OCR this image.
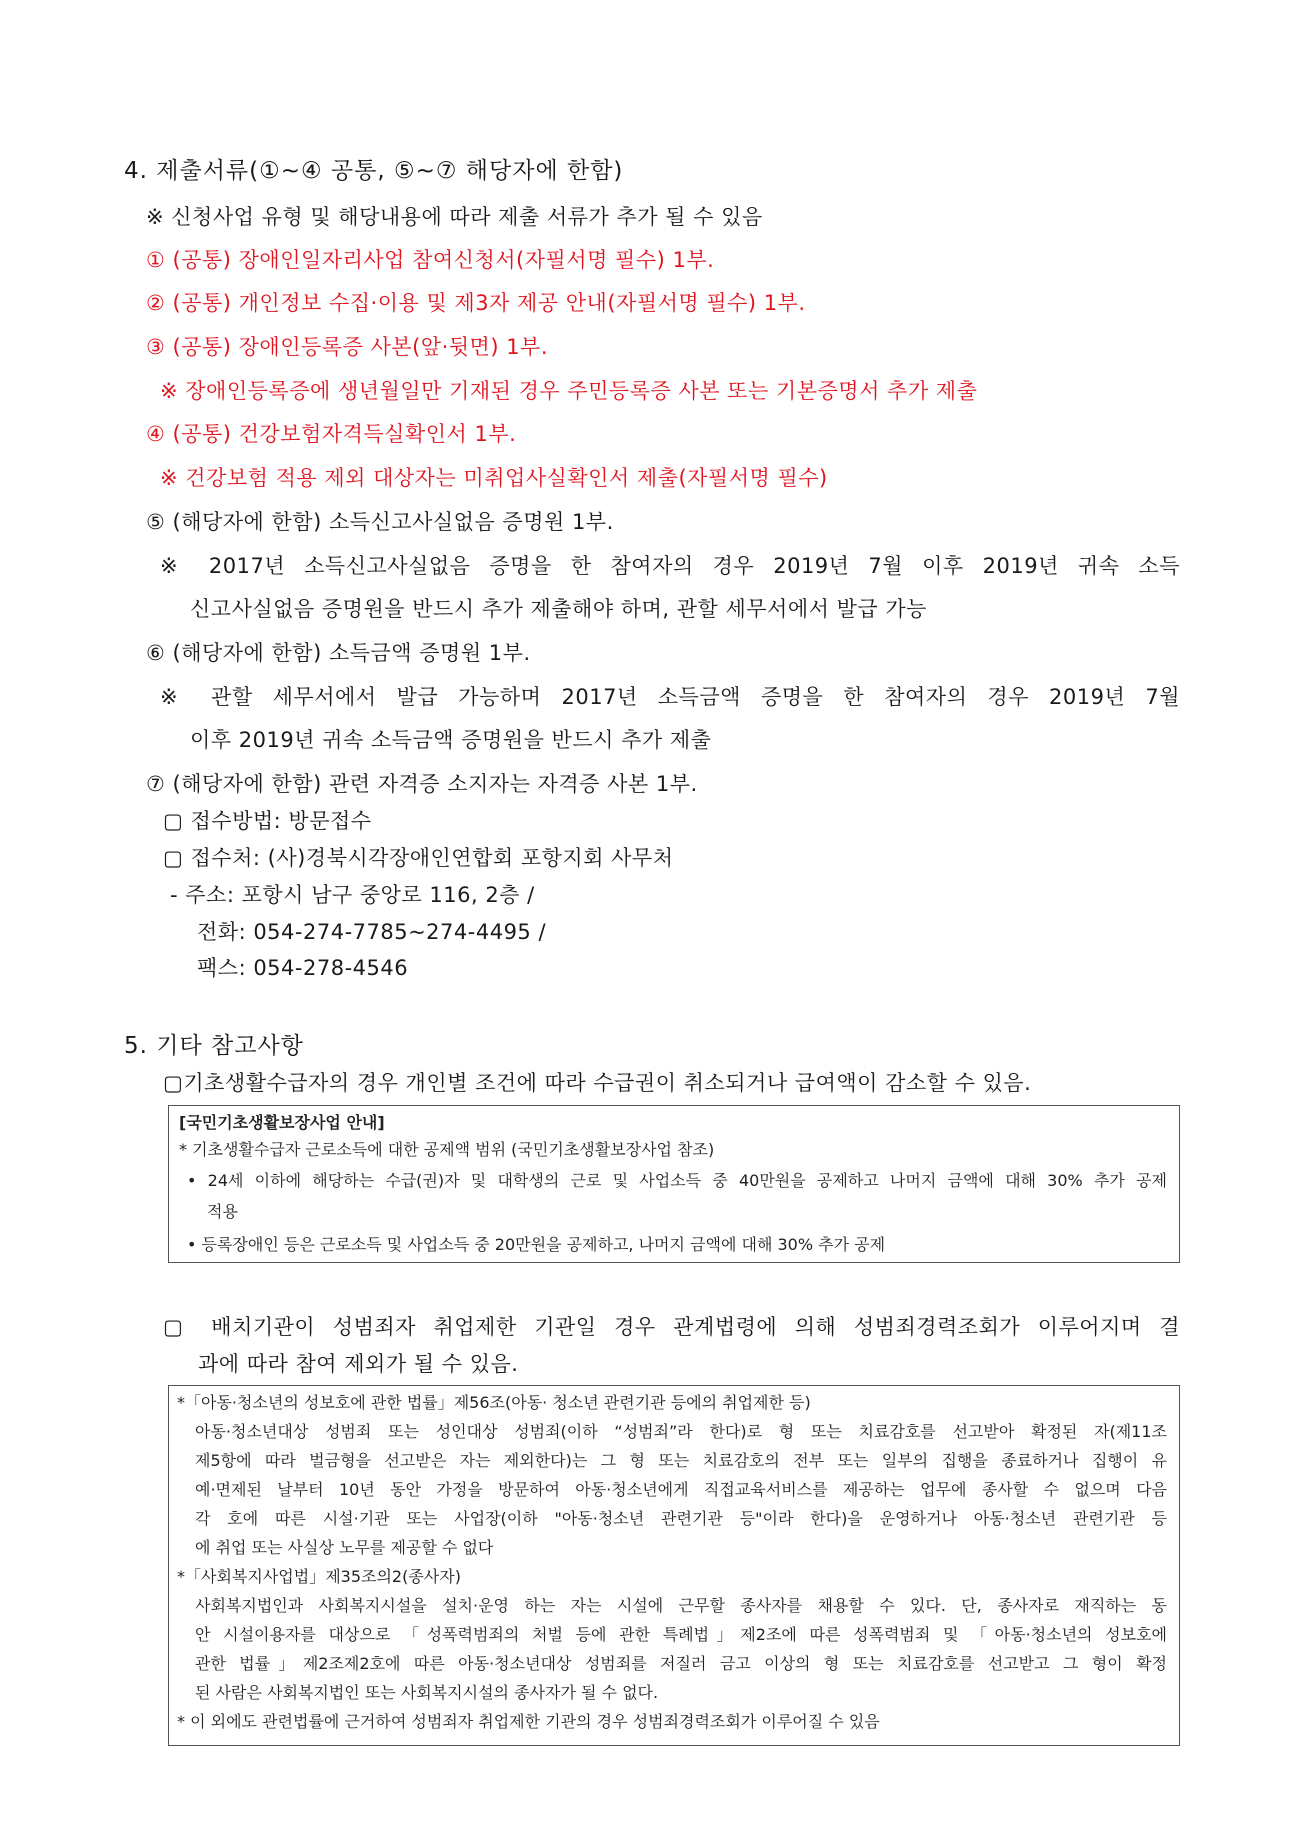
4. 제출서류(①~④ 공통, ⑤~⑦ 해당자에 한함)
※ 신청사업 유형 및 해당내용에 따라 제출 서류가 추가 될 수 있음
① (공통) 장애인일자리사업 참여신청서(자필서명 필수) 1부.
② (공통) 개인정보 수집·이용 및 제3자 제공 안내(자필서명 필수) 1부.
③ (공통) 장애인등록증 사본(앞·뒷면) 1부.
※ 장애인등록증에 생년월일만 기재된 경우 주민등록증 사본 또는 기본증명서 추가 제출
④ (공통) 건강보험자격득실확인서 1부.
※ 건강보험 적용 제외 대상자는 미취업사실확인서 제출(자필서명 필수)
⑤ (해당자에 한함) 소득신고사실없음 증명원 1부.
※ 2017년 소득신고사실없음 증명을 한 참여자의 경우 2019년 7월 이후 2019년 귀속 소득
신고사실없음 증명원을 반드시 추가 제출해야 하며, 관할 세무서에서 발급 가능
⑥ (해당자에 한함) 소득금액 증명원 1부.
※ 관할 세무서에서 발급 가능하며 2017년 소득금액 증명을 한 참여자의 경우 2019년 7월
이후 2019년 귀속 소득금액 증명원을 반드시 추가 제출
⑦ (해당자에 한함) 관련 자격증 소지자는 자격증 사본 1부.
▢ 접수방법: 방문접수
▢ 접수처: (사)경북시각장애인연합회 포항지회 사무처
- 주소: 포항시 남구 중앙로 116, 2층 /
전화: 054-274-7785~274-4495 /
팩스: 054-278-4546
5. 기타 참고사항
▢기초생활수급자의 경우 개인별 조건에 따라 수급권이 취소되거나 급여액이 감소할 수 있음.
[국민기초생활보장사업 안내]
* 기초생활수급자 근로소득에 대한 공제액 범위 (국민기초생활보장사업 참조)
• 24세 이하에 해당하는 수급(권)자 및 대학생의 근로 및 사업소득 중 40만원을 공제하고 나머지 금액에 대해 30% 추가 공제
적용
• 등록장애인 등은 근로소득 및 사업소득 중 20만원을 공제하고, 나머지 금액에 대해 30% 추가 공제
▢ 배치기관이 성범죄자 취업제한 기관일 경우 관계법령에 의해 성범죄경력조회가 이루어지며 결
과에 따라 참여 제외가 될 수 있음.
*「아동·청소년의 성보호에 관한 법률」제56조(아동· 청소년 관련기관 등에의 취업제한 등)
아동·청소년대상 성범죄 또는 성인대상 성범죄(이하 “성범죄”라 한다)로 형 또는 치료감호를 선고받아 확정된 자(제11조
제5항에 따라 벌금형을 선고받은 자는 제외한다)는 그 형 또는 치료감호의 전부 또는 일부의 집행을 종료하거나 집행이 유
예·면제된 날부터 10년 동안 가정을 방문하여 아동·청소년에게 직접교육서비스를 제공하는 업무에 종사할 수 없으며 다음
각 호에 따른 시설·기관 또는 사업장(이하 "아동·청소년 관련기관 등"이라 한다)을 운영하거나 아동·청소년 관련기관 등
에 취업 또는 사실상 노무를 제공할 수 없다
*「사회복지사업법」제35조의2(종사자)
사회복지법인과 사회복지시설을 설치·운영 하는 자는 시설에 근무할 종사자를 채용할 수 있다. 단, 종사자로 재직하는 동
안 시설이용자를 대상으로 「성폭력범죄의 처벌 등에 관한 특례법」제2조에 따른 성폭력범죄 및 「아동·청소년의 성보호에
관한 법률」제2조제2호에 따른 아동·청소년대상 성범죄를 저질러 금고 이상의 형 또는 치료감호를 선고받고 그 형이 확정
된 사람은 사회복지법인 또는 사회복지시설의 종사자가 될 수 없다.
* 이 외에도 관련법률에 근거하여 성범죄자 취업제한 기관의 경우 성범죄경력조회가 이루어질 수 있음
